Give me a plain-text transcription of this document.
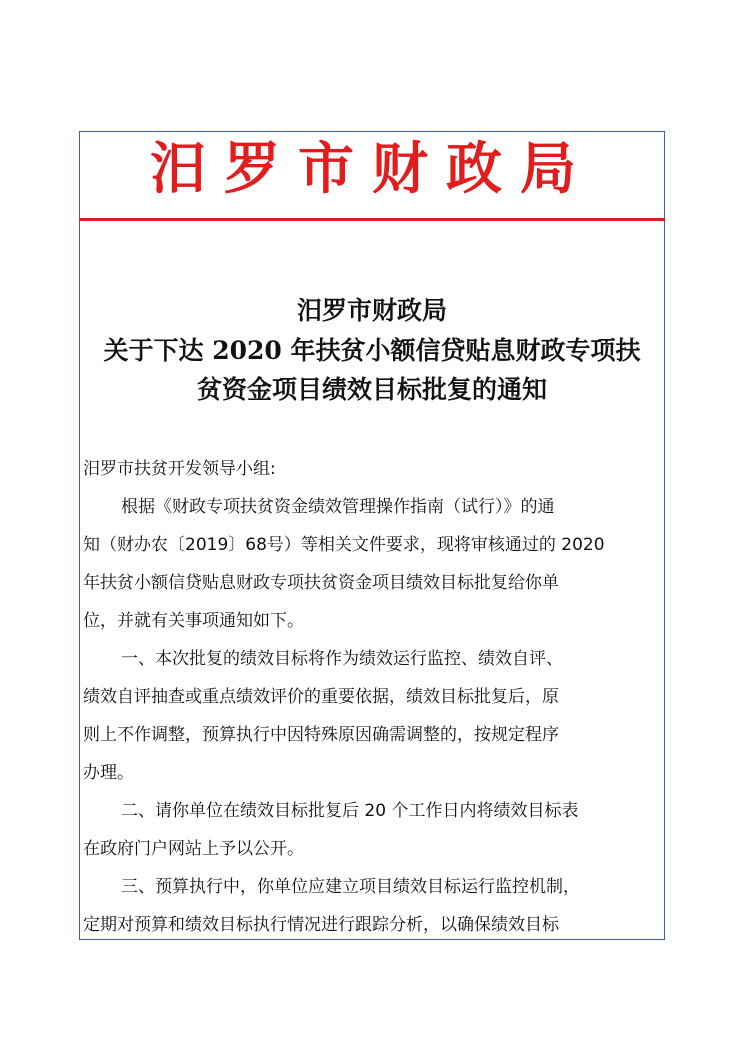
汨罗市财政局
汨罗市财政局
关于下达 2020 年扶贫小额信贷贴息财政专项扶
贫资金项目绩效目标批复的通知

汨罗市扶贫开发领导小组:

根据《财政专项扶贫资金绩效管理操作指南（试行）》的通

知（财办农〔2019〕68号）等相关文件要求，现将审核通过的 2020

年扶贫小额信贷贴息财政专项扶贫资金项目绩效目标批复给你单

位，并就有关事项通知如下。

一、本次批复的绩效目标将作为绩效运行监控、绩效自评、

绩效自评抽查或重点绩效评价的重要依据，绩效目标批复后，原

则上不作调整，预算执行中因特殊原因确需调整的，按规定程序

办理。

二、请你单位在绩效目标批复后 20 个工作日内将绩效目标表

在政府门户网站上予以公开。

三、预算执行中，你单位应建立项目绩效目标运行监控机制，

定期对预算和绩效目标执行情况进行跟踪分析，以确保绩效目标
